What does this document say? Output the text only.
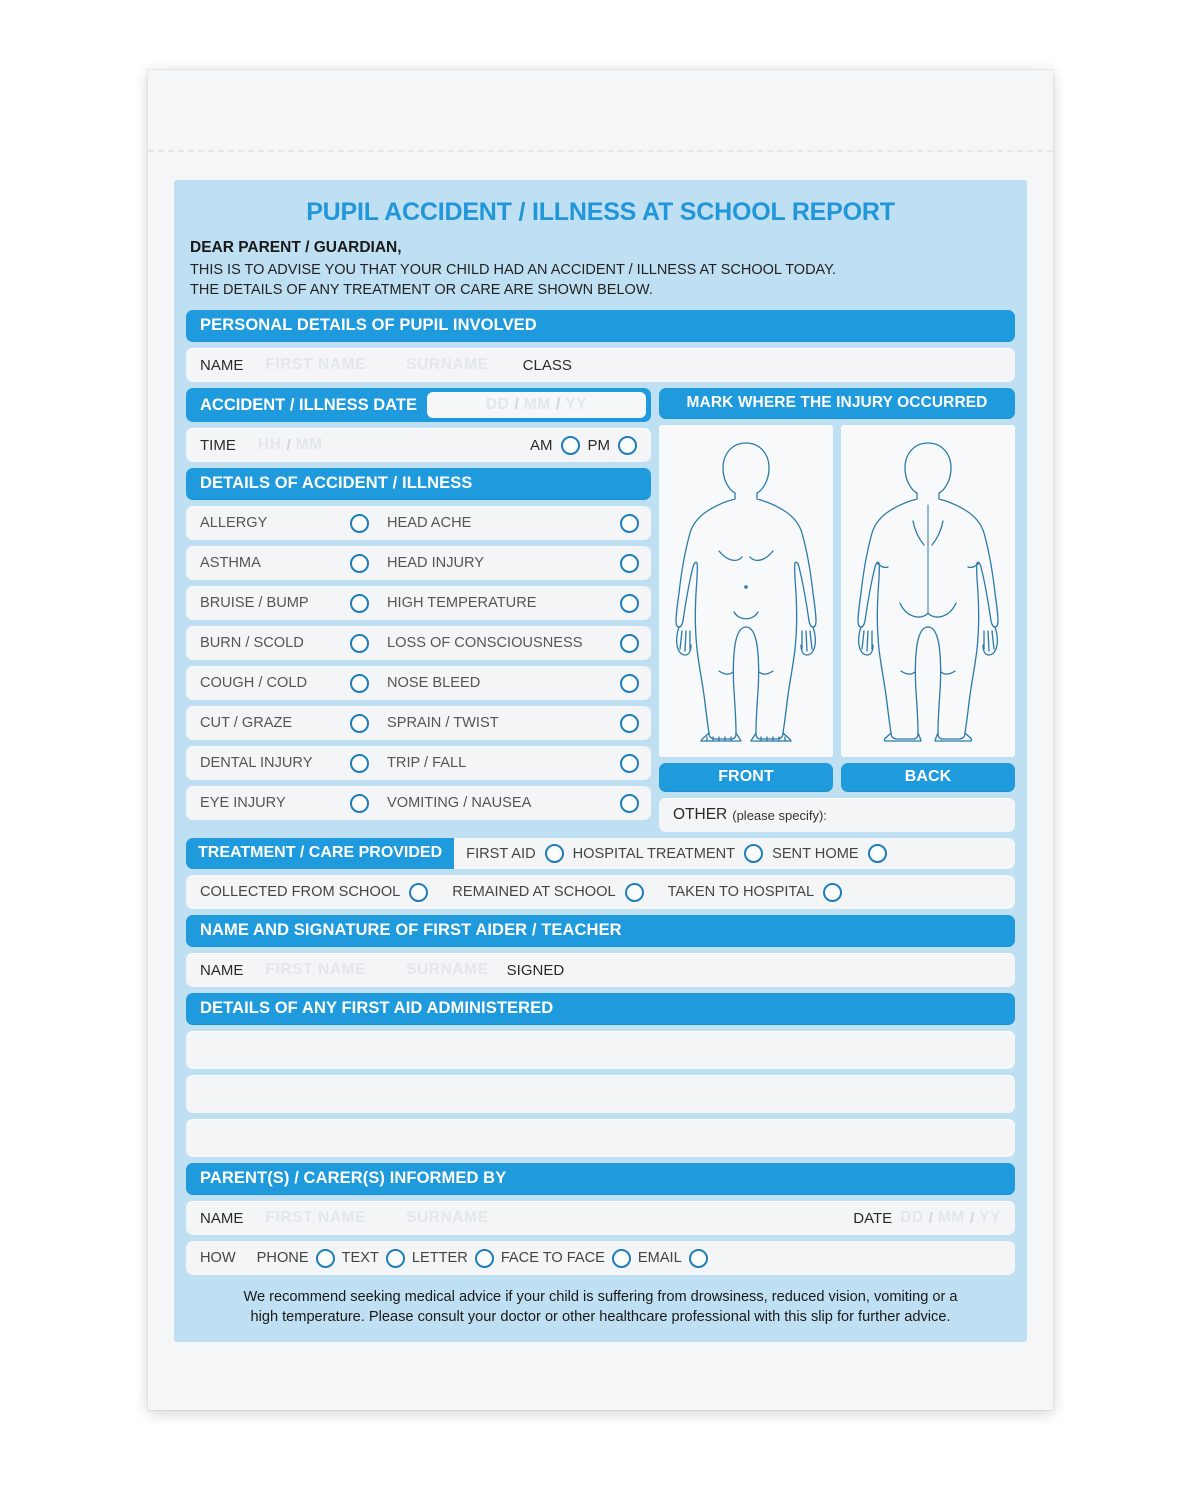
PUPIL ACCIDENT / ILLNESS AT SCHOOL REPORT
DEAR PARENT / GUARDIAN,
THIS IS TO ADVISE YOU THAT YOUR CHILD HAD AN ACCIDENT / ILLNESS AT SCHOOL TODAY.
THE DETAILS OF ANY TREATMENT OR CARE ARE SHOWN BELOW.
PERSONAL DETAILS OF PUPIL INVOLVED
NAME	FIRST NAME	SURNAME	CLASS
ACCIDENT / ILLNESS DATE	DD / MM / YY
TIME	HH / MM	AM PM
DETAILS OF ACCIDENT / ILLNESS
ALLERGY	HEAD ACHE
ASTHMA	HEAD INJURY
BRUISE / BUMP	HIGH TEMPERATURE
BURN / SCOLD	LOSS OF CONSCIOUSNESS
COUGH / COLD	NOSE BLEED
CUT / GRAZE	SPRAIN / TWIST
DENTAL INJURY	TRIP / FALL
EYE INJURY	VOMITING / NAUSEA
MARK WHERE THE INJURY OCCURRED
FRONT	BACK
OTHER (please specify):
TREATMENT / CARE PROVIDED	FIRST AID	HOSPITAL TREATMENT	SENT HOME
COLLECTED FROM SCHOOL	REMAINED AT SCHOOL	TAKEN TO HOSPITAL
NAME AND SIGNATURE OF FIRST AIDER / TEACHER
NAME	FIRST NAME	SURNAME	SIGNED
DETAILS OF ANY FIRST AID ADMINISTERED
PARENT(S) / CARER(S) INFORMED BY
NAME	FIRST NAME	SURNAME	DATE DD / MM / YY
HOW	PHONE TEXT LETTER FACE TO FACE EMAIL
We recommend seeking medical advice if your child is suffering from drowsiness, reduced vision, vomiting or a
high temperature. Please consult your doctor or other healthcare professional with this slip for further advice.
